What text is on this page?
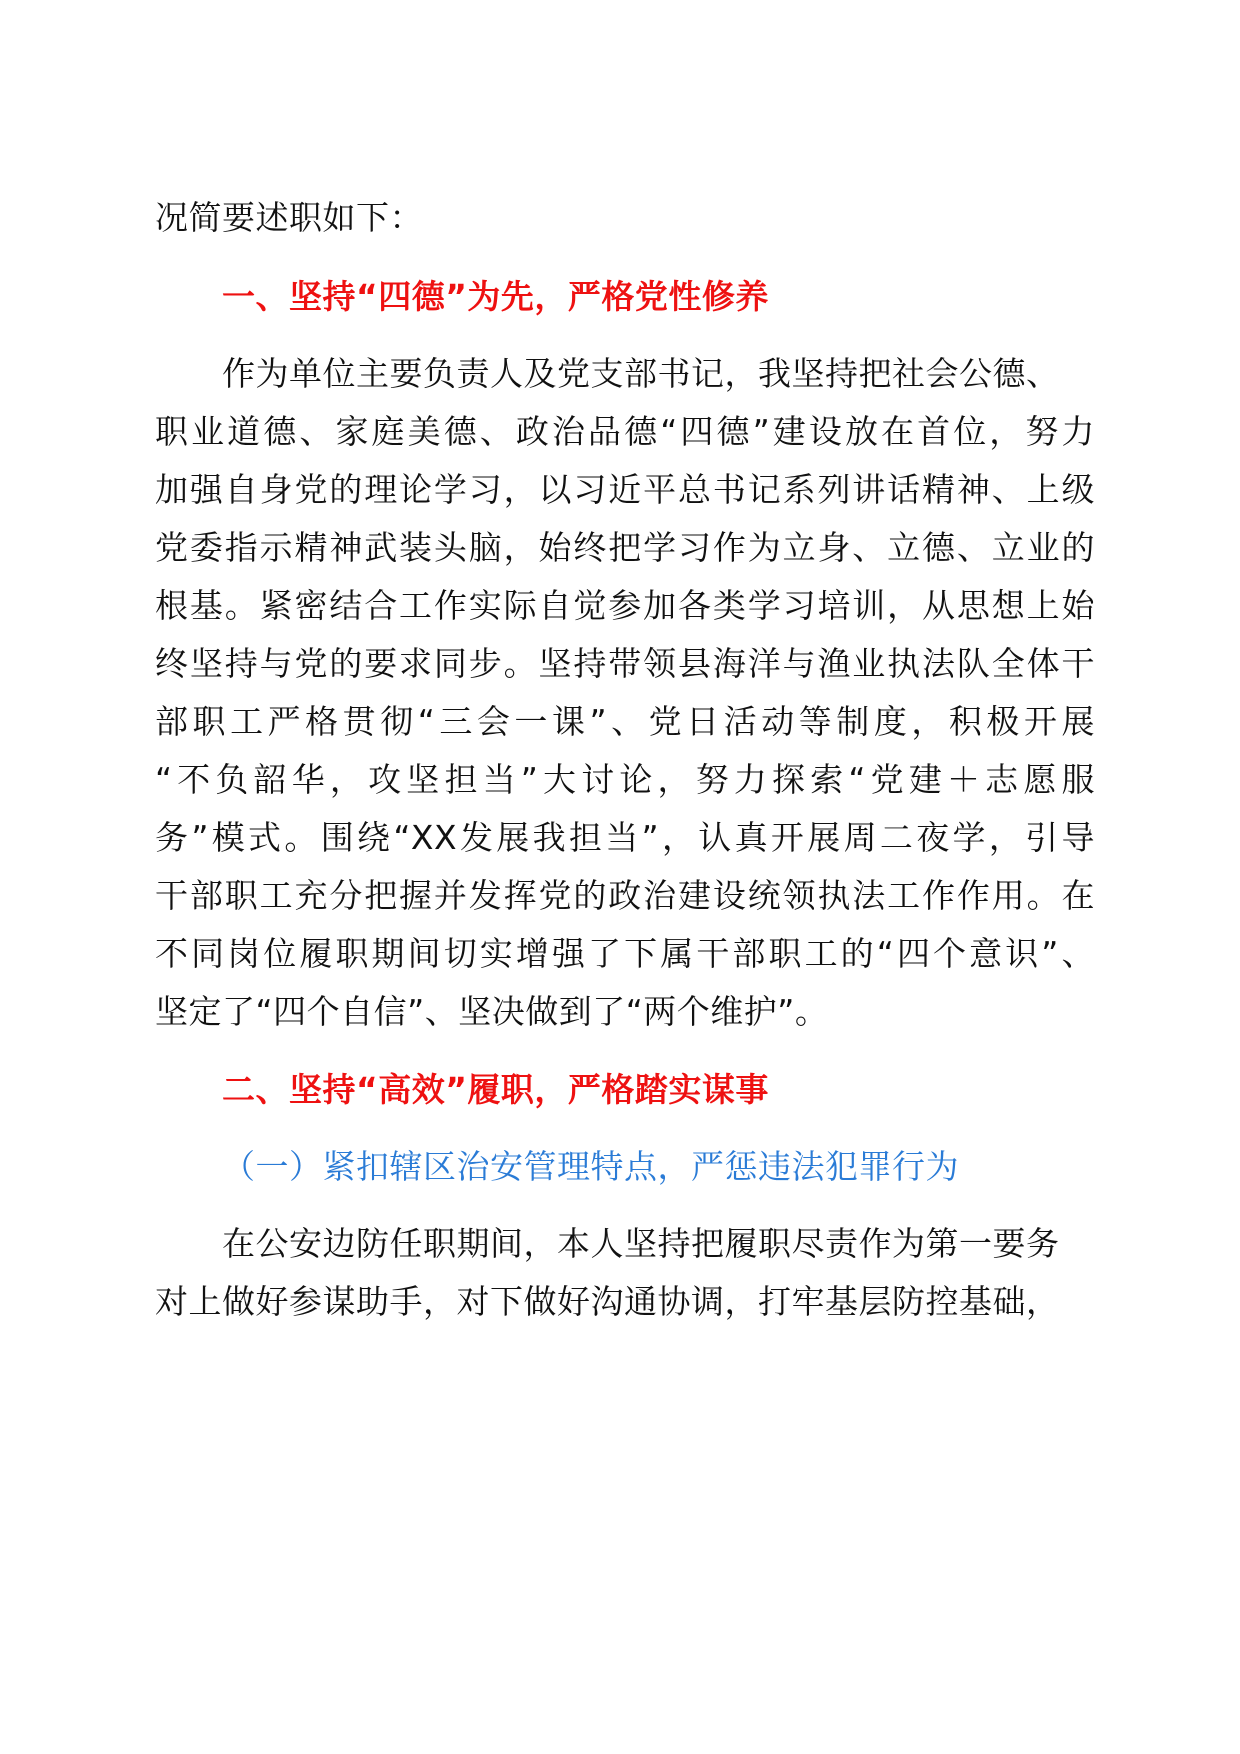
况简要述职如下：
一、坚持“四德”为先，严格党性修养
作为单位主要负责人及党支部书记，我坚持把社会公德、
职业道德、家庭美德、政治品德“四德”建设放在首位，努力
加强自身党的理论学习，以习近平总书记系列讲话精神、上级
党委指示精神武装头脑，始终把学习作为立身、立德、立业的
根基。紧密结合工作实际自觉参加各类学习培训，从思想上始
终坚持与党的要求同步。坚持带领县海洋与渔业执法队全体干
部职工严格贯彻“三会一课”、党日活动等制度，积极开展
“不负韶华，攻坚担当”大讨论，努力探索“党建＋志愿服
务”模式。围绕“XX发展我担当”，认真开展周二夜学，引导
干部职工充分把握并发挥党的政治建设统领执法工作作用。在
不同岗位履职期间切实增强了下属干部职工的“四个意识”、
坚定了“四个自信”、坚决做到了“两个维护”。
二、坚持“高效”履职，严格踏实谋事
（一）紧扣辖区治安管理特点，严惩违法犯罪行为
在公安边防任职期间，本人坚持把履职尽责作为第一要务
对上做好参谋助手，对下做好沟通协调，打牢基层防控基础，
